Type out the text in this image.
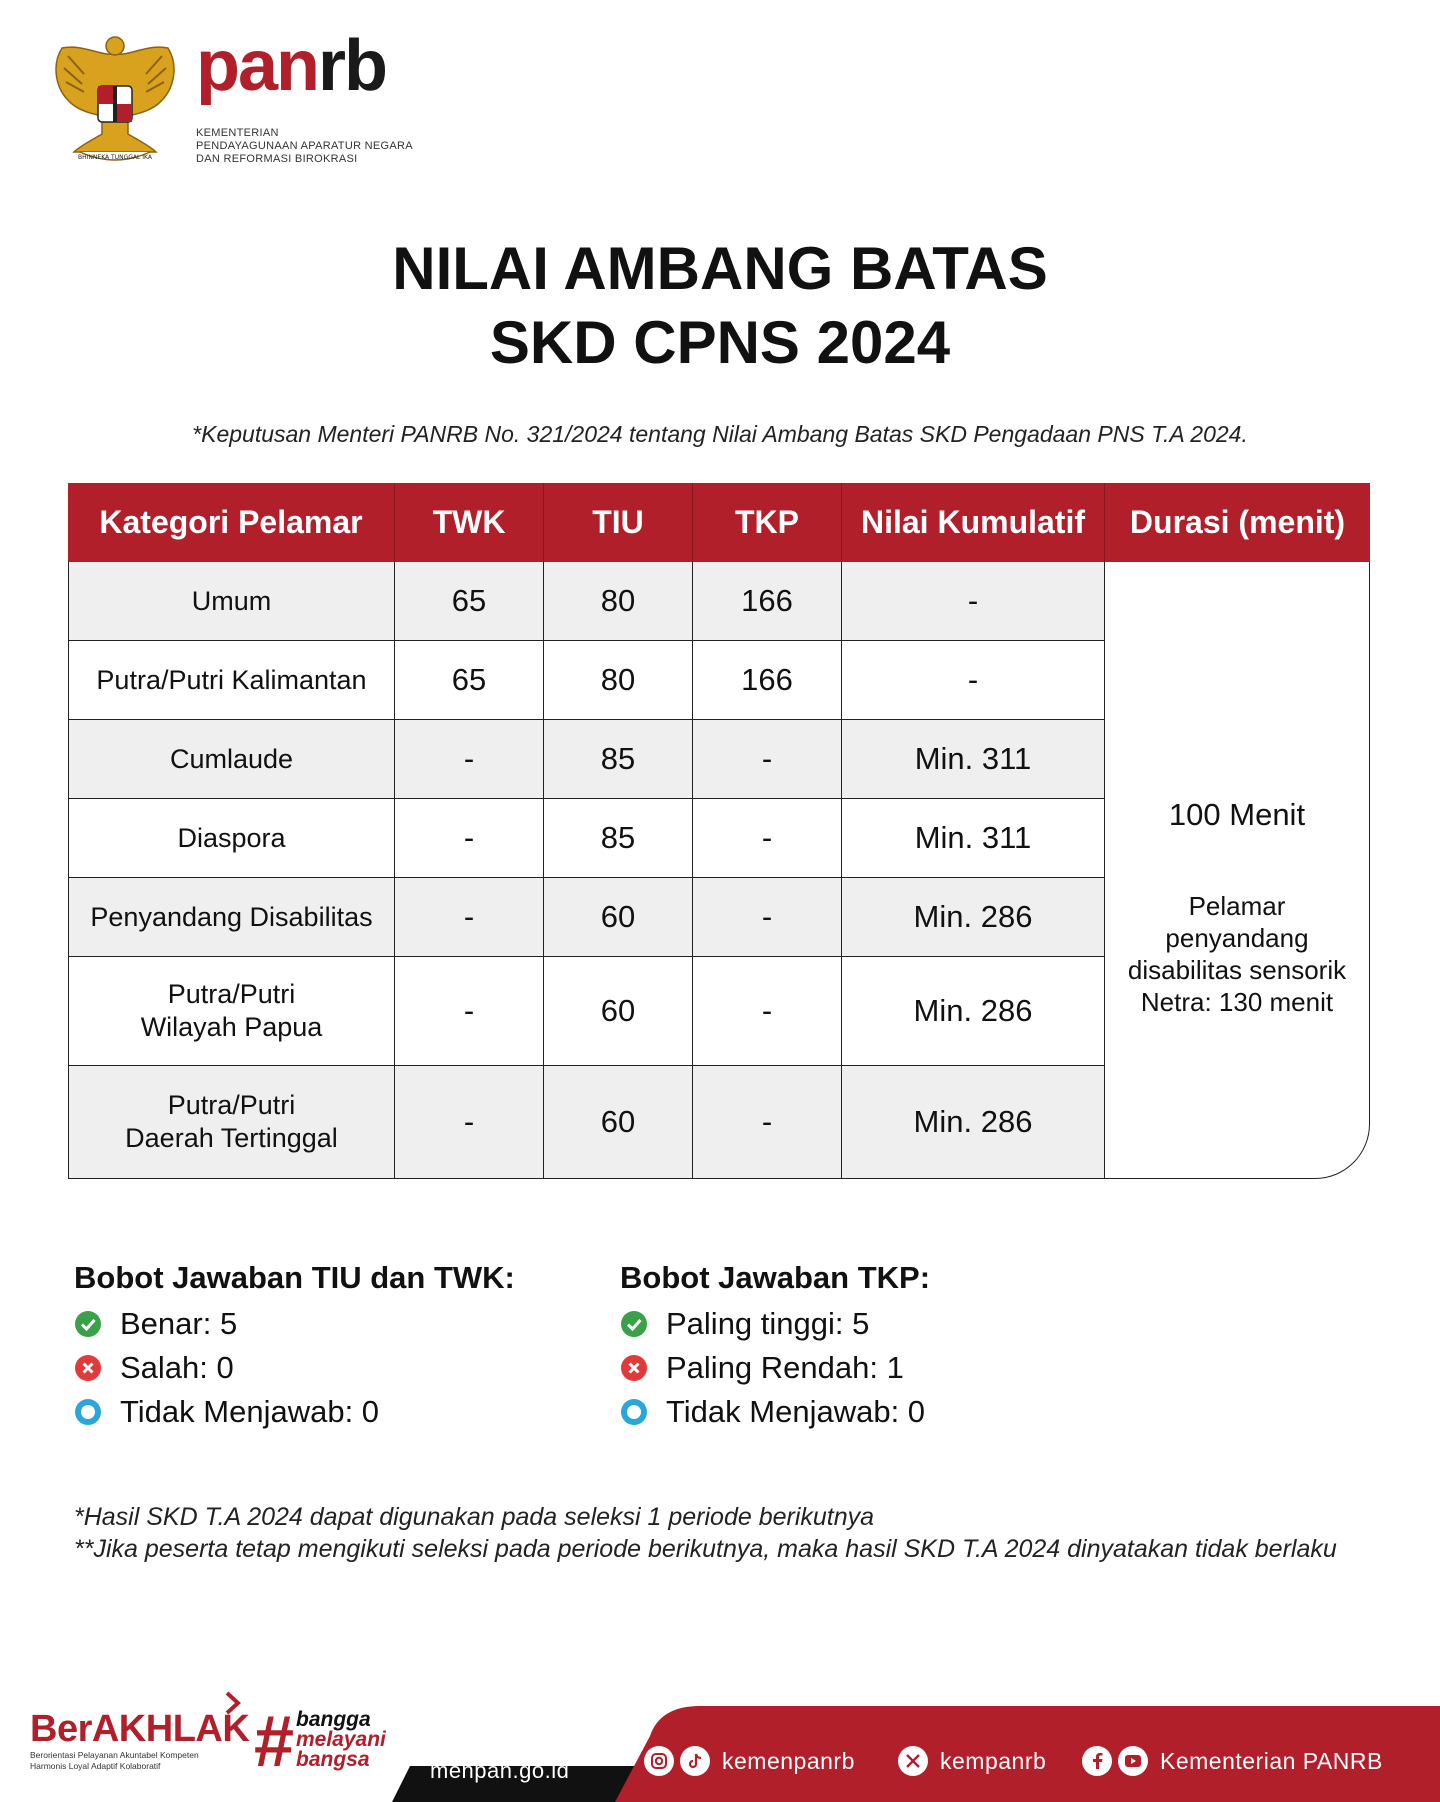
BHINNEKA TUNGGAL IKA
panrb
KEMENTERIAN
PENDAYAGUNAAN APARATUR NEGARA
DAN REFORMASI BIROKRASI
NILAI AMBANG BATAS
SKD CPNS 2024
*Keputusan Menteri PANRB No. 321/2024 tentang Nilai Ambang Batas SKD Pengadaan PNS T.A 2024.
Kategori Pelamar	TWK	TIU	TKP	Nilai Kumulatif	Durasi (menit)
Umum	65	80	166	-
Putra/Putri Kalimantan	65	80	166	-
Cumlaude	-	85	-	Min. 311
Diaspora	-	85	-	Min. 311
Penyandang Disabilitas	-	60	-	Min. 286
Putra/Putri
Wilayah Papua	-	60	-	Min. 286
Putra/Putri
Daerah Tertinggal	-	60	-	Min. 286
100 Menit
Pelamar
penyandang
disabilitas sensorik
Netra: 130 menit
Bobot Jawaban TIU dan TWK:
Benar: 5
Salah: 0
Tidak Menjawab: 0
Bobot Jawaban TKP:
Paling tinggi: 5
Paling Rendah: 1
Tidak Menjawab: 0
*Hasil SKD T.A 2024 dapat digunakan pada seleksi 1 periode berikutnya
**Jika peserta tetap mengikuti seleksi pada periode berikutnya, maka hasil SKD T.A 2024 dinyatakan tidak berlaku
BerAKHLAK
Berorientasi Pelayanan Akuntabel Kompeten
Harmonis Loyal Adaptif Kolaboratif	# bangga
melayani
bangsa	menpan.go.id	kemenpanrb	kempanrb	Kementerian PANRB
